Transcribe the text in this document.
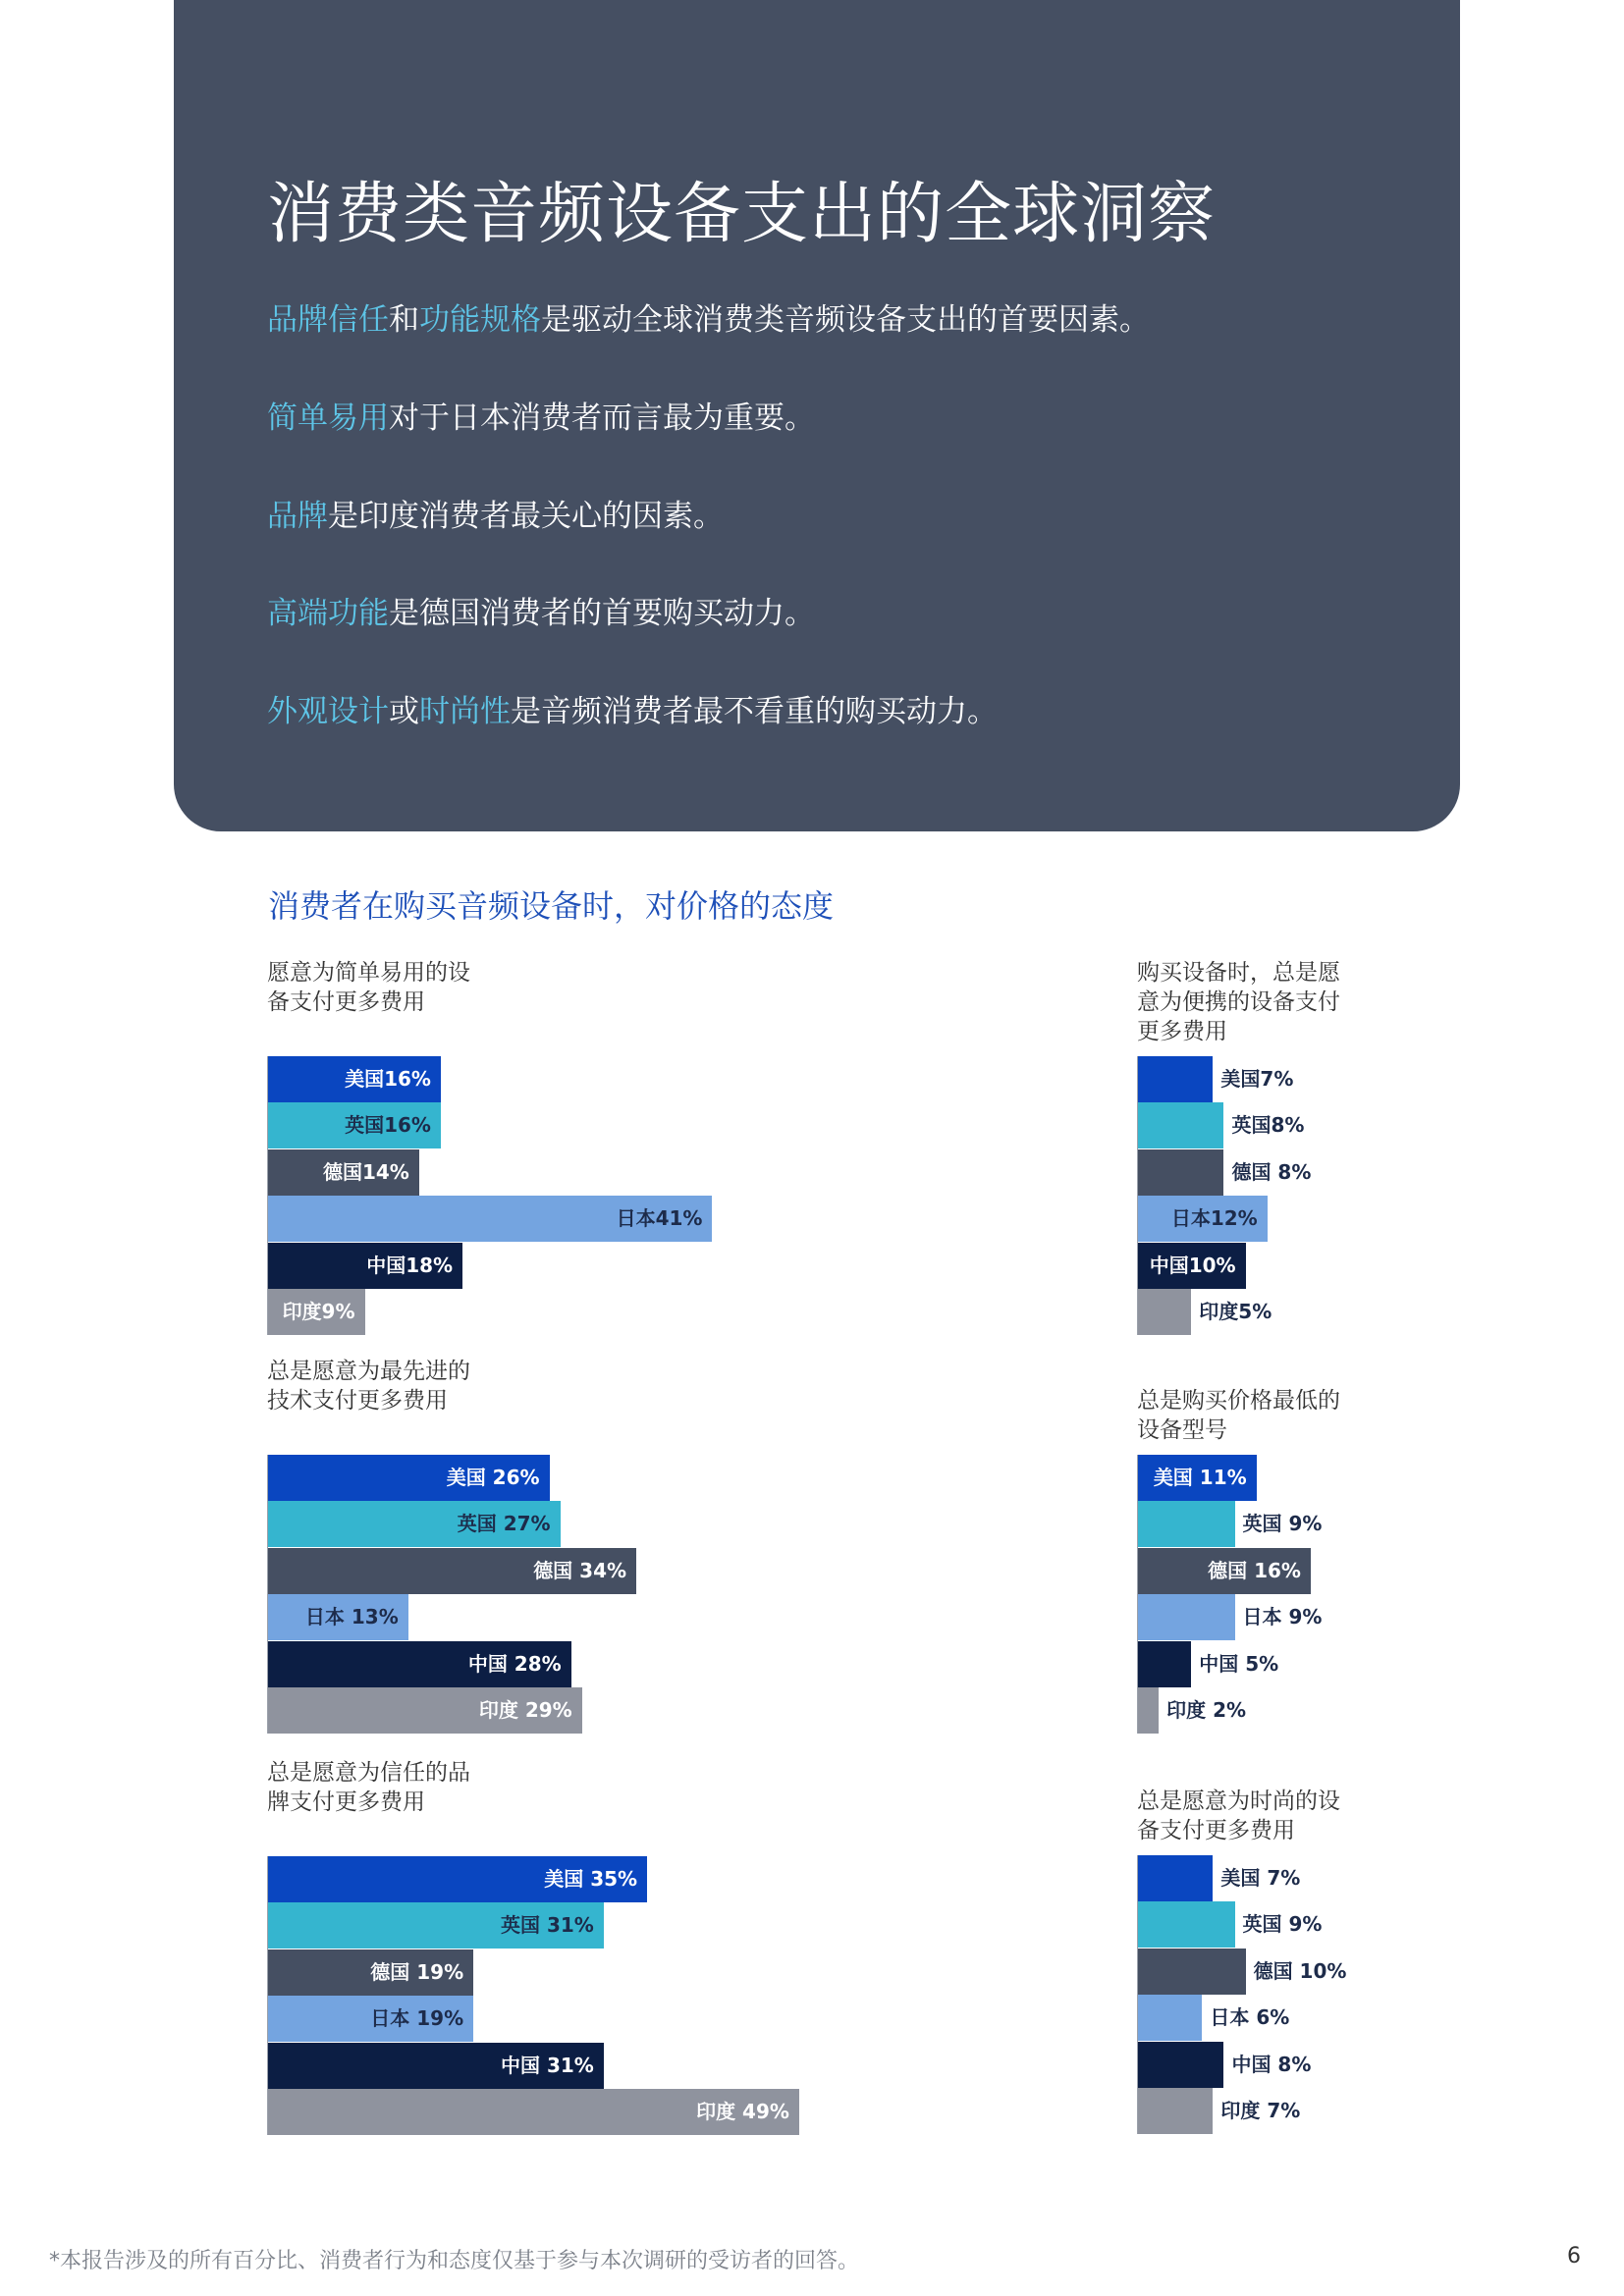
消费类音频设备支出的全球洞察

品牌信任和功能规格是驱动全球消费类音频设备支出的首要因素。

简单易用对于日本消费者而言最为重要。

品牌是印度消费者最关心的因素。

高端功能是德国消费者的首要购买动力。

外观设计或时尚性是音频消费者最不看重的购买动力。

消费者在购买音频设备时，对价格的态度

愿意为简单易用的设备支付更多费用

美国16%
英国16%
德国14%
日本41%
中国18%
印度9%

总是愿意为最先进的技术支付更多费用

美国 26%
英国 27%
德国 34%
日本 13%
中国 28%
印度 29%

总是愿意为信任的品牌支付更多费用

美国 35%
英国 31%
德国 19%
日本 19%
中国 31%
印度 49%

购买设备时，总是愿意为便携的设备支付更多费用

美国7%
英国8%
德国 8%
日本12%
中国10%
印度5%

总是购买价格最低的设备型号

美国 11%
英国 9%
德国 16%
日本 9%
中国 5%
印度 2%

总是愿意为时尚的设备支付更多费用

美国 7%
英国 9%
德国 10%
日本 6%
中国 8%
印度 7%

*本报告涉及的所有百分比、消费者行为和态度仅基于参与本次调研的受访者的回答。	6
